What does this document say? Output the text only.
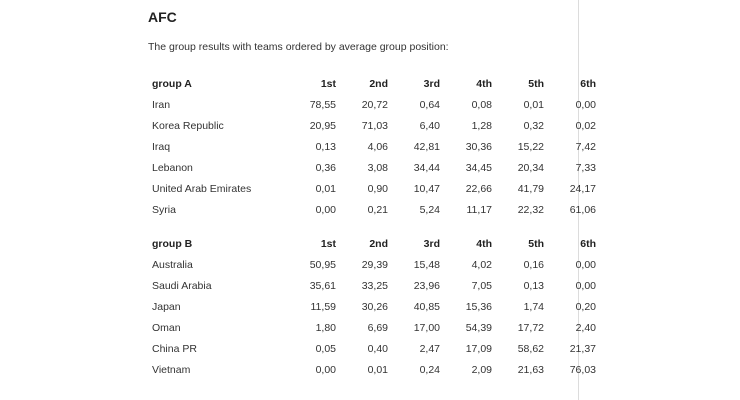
AFC

The group results with teams ordered by average group position:

group A	1st	2nd	3rd	4th	5th	6th
Iran	78,55	20,72	0,64	0,08	0,01	0,00
Korea Republic	20,95	71,03	6,40	1,28	0,32	0,02
Iraq	0,13	4,06	42,81	30,36	15,22	7,42
Lebanon	0,36	3,08	34,44	34,45	20,34	7,33
United Arab Emirates	0,01	0,90	10,47	22,66	41,79	24,17
Syria	0,00	0,21	5,24	11,17	22,32	61,06
group B	1st	2nd	3rd	4th	5th	6th
Australia	50,95	29,39	15,48	4,02	0,16	0,00
Saudi Arabia	35,61	33,25	23,96	7,05	0,13	0,00
Japan	11,59	30,26	40,85	15,36	1,74	0,20
Oman	1,80	6,69	17,00	54,39	17,72	2,40
China PR	0,05	0,40	2,47	17,09	58,62	21,37
Vietnam	0,00	0,01	0,24	2,09	21,63	76,03
